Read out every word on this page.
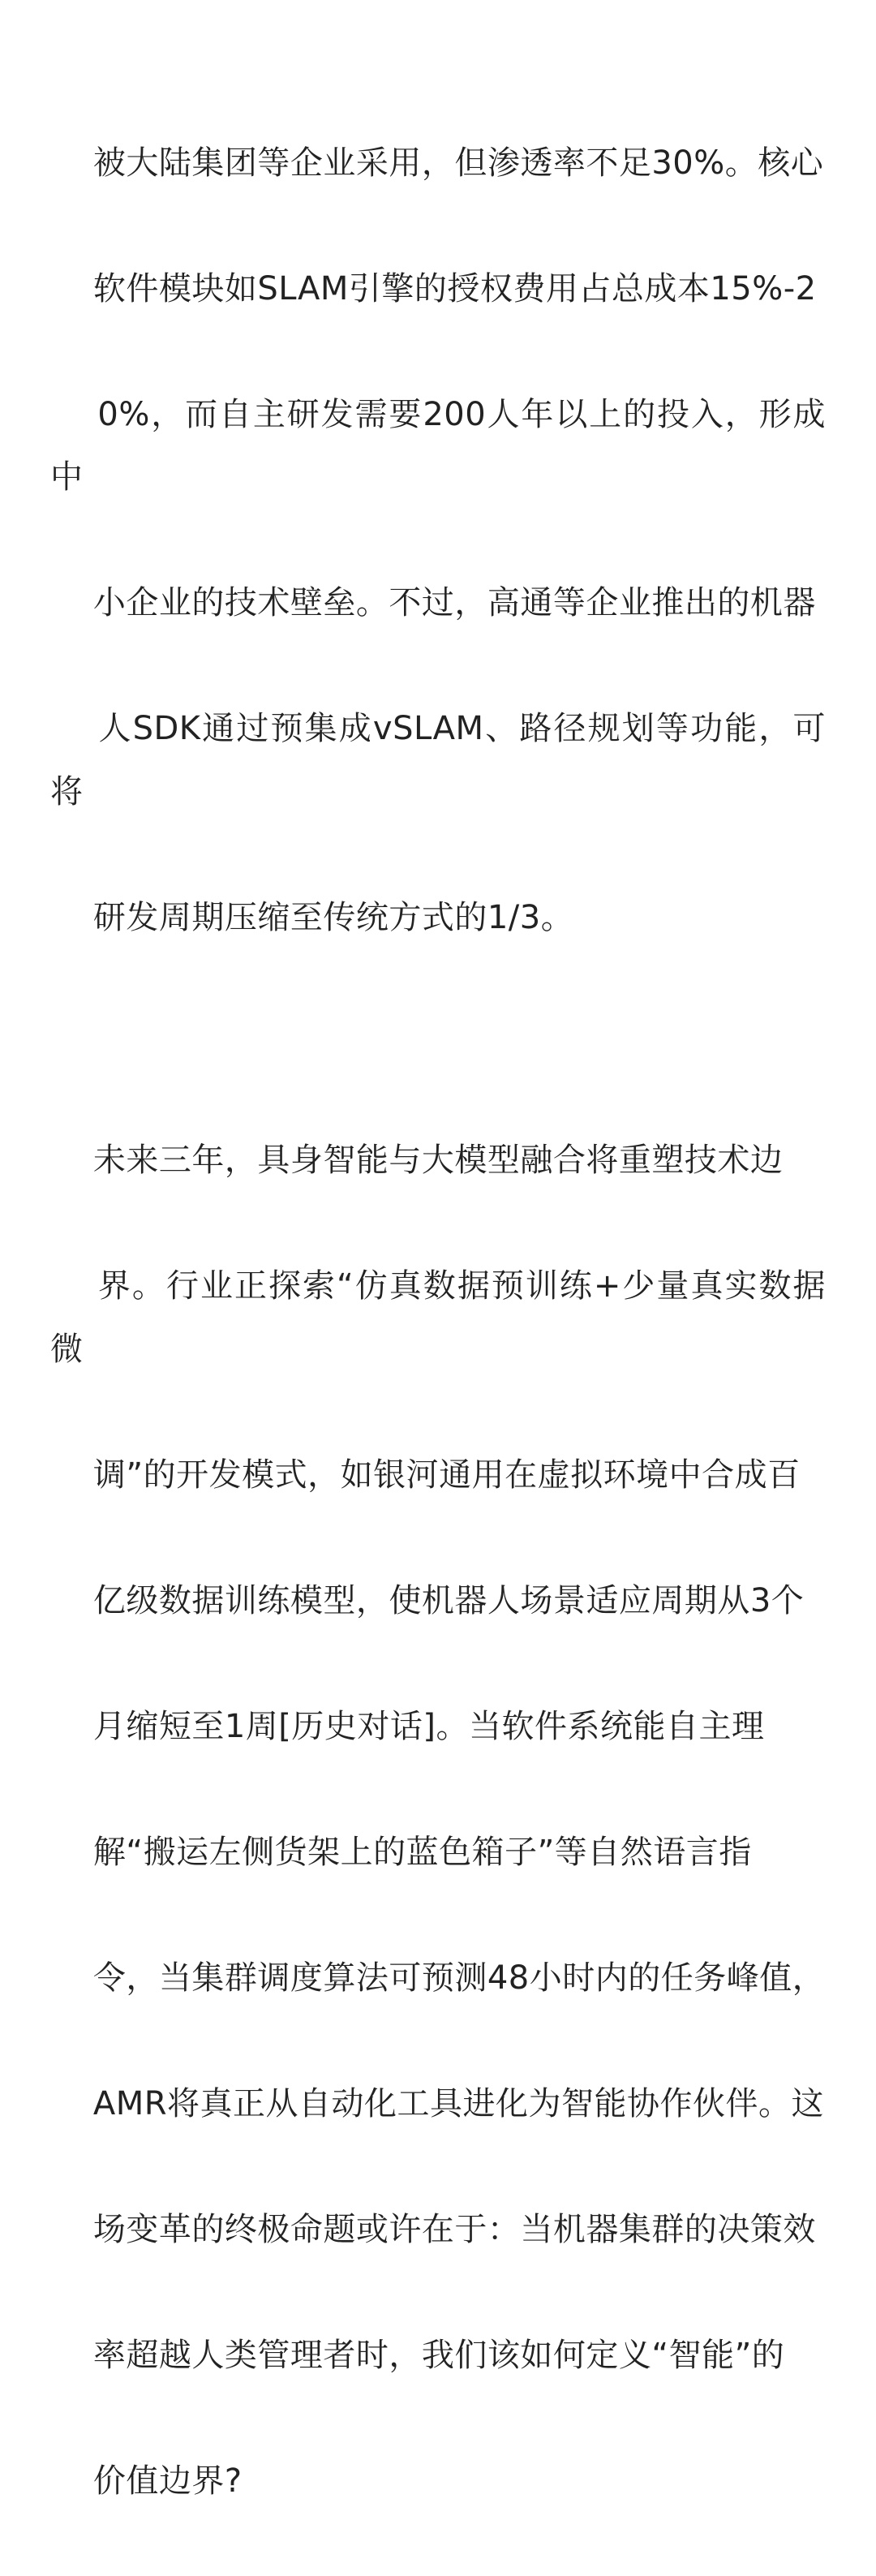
被大陆集团等企业采用，但渗透率不足30%。核心

软件模块如SLAM引擎的授权费用占总成本15%-2

0%，而自主研发需要200人年以上的投入，形成中

小企业的技术壁垒。不过，高通等企业推出的机器

人SDK通过预集成vSLAM、路径规划等功能，可将

研发周期压缩至传统方式的1/3。

未来三年，具身智能与大模型融合将重塑技术边

界。行业正探索“仿真数据预训练+少量真实数据微

调”的开发模式，如银河通用在虚拟环境中合成百

亿级数据训练模型，使机器人场景适应周期从3个

月缩短至1周[历史对话]。当软件系统能自主理

解“搬运左侧货架上的蓝色箱子”等自然语言指

令，当集群调度算法可预测48小时内的任务峰值，

AMR将真正从自动化工具进化为智能协作伙伴。这

场变革的终极命题或许在于：当机器集群的决策效

率超越人类管理者时，我们该如何定义“智能”的

价值边界?
